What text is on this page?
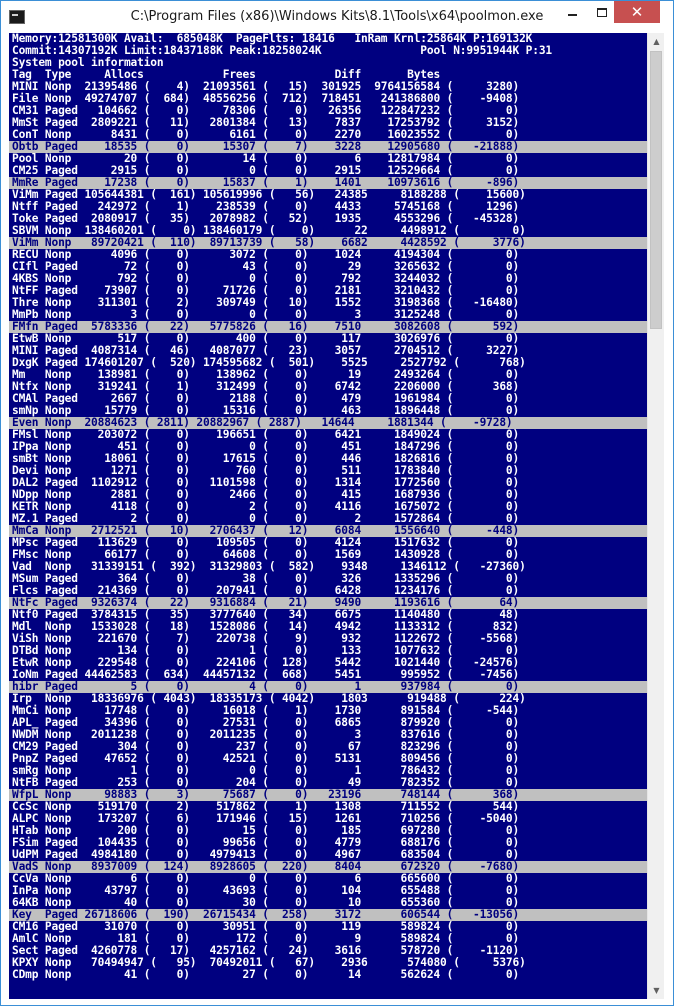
C:\Program Files (x86)\Windows Kits\8.1\Tools\x64\poolmon.exe	✕
Memory:12581300K Avail:  685048K  PageFlts: 18416   InRam Krnl:25864K P:169132K
Commit:14307192K Limit:18437188K Peak:18258024K               Pool N:9951944K P:31
System pool information
Tag  Type     Allocs            Frees            Diff       Bytes
MINI Nonp  21395486 (    4)  21093561 (   15)  301925  9764156584 (     3280)
File Nonp  49274707 (  684)  48556256 (  712)  718451   241386800 (    -9408)
CM31 Paged   104662 (    0)     78306 (    0)   26356   122847232 (        0)
MmSt Paged  2809221 (   11)   2801384 (   13)    7837    17253792 (     3152)
ConT Nonp      8431 (    0)      6161 (    0)    2270    16023552 (        0)
Obtb Paged    18535 (    0)     15307 (    7)    3228    12905680 (   -21888)
Pool Nonp        20 (    0)        14 (    0)       6    12817984 (        0)
CM25 Paged     2915 (    0)         0 (    0)    2915    12529664 (        0)
MmRe Paged    17238 (    0)     15837 (    1)    1401    10973616 (     -896)
ViMm Paged 105644381 (  161) 105619996 (   56)   24385     8188288 (    15600)
Ntff Paged   242972 (    1)    238539 (    0)    4433     5745168 (     1296)
Toke Paged  2080917 (   35)   2078982 (   52)    1935     4553296 (   -45328)
SBVM Nonp  138460201 (    0) 138460179 (    0)      22     4498912 (        0)
ViMm Nonp   89720421 (  110)  89713739 (   58)    6682     4428592 (     3776)
RECU Nonp      4096 (    0)      3072 (    0)    1024     4194304 (        0)
CIfl Paged       72 (    0)        43 (    0)      29     3265632 (        0)
4KBS Nonp       792 (    0)         0 (    0)     792     3244032 (        0)
NtFF Paged    73907 (    0)     71726 (    0)    2181     3210432 (        0)
Thre Nonp    311301 (    2)    309749 (   10)    1552     3198368 (   -16480)
MmPb Nonp         3 (    0)         0 (    0)       3     3125248 (        0)
FMfn Paged  5783336 (   22)   5775826 (   16)    7510     3082608 (      592)
EtwB Nonp       517 (    0)       400 (    0)     117     3026976 (        0)
MINI Paged  4087314 (   46)   4087077 (   23)    3057     2704512 (     3227)
DxgK Paged 174601207 (  520) 174595682 (  501)    5525     2527792 (      768)
Mm   Nonp    138981 (    0)    138962 (    0)      19     2493264 (        0)
Ntfx Nonp    319241 (    1)    312499 (    0)    6742     2206000 (      368)
CMAl Paged     2667 (    0)      2188 (    0)     479     1961984 (        0)
smNp Nonp     15779 (    0)     15316 (    0)     463     1896448 (        0)
Even Nonp  20884623 ( 2811) 20882967 ( 2887)   14644     1881344 (    -9728)
FMsl Nonp    203072 (    0)    196651 (    0)    6421     1849024 (        0)
IPpa Nonp       451 (    0)         0 (    0)     451     1847296 (        0)
smBt Nonp     18061 (    0)     17615 (    0)     446     1826816 (        0)
Devi Nonp      1271 (    0)       760 (    0)     511     1783840 (        0)
DAL2 Paged  1102912 (    0)   1101598 (    0)    1314     1772560 (        0)
NDpp Nonp      2881 (    0)      2466 (    0)     415     1687936 (        0)
KETR Nonp      4118 (    0)         2 (    0)    4116     1675072 (        0)
MZ.1 Paged        2 (    0)         0 (    0)       2     1572864 (        0)
MmCa Nonp   2712521 (   10)   2706437 (   12)    6084     1556640 (     -448)
MPsc Paged   113629 (    0)    109505 (    0)    4124     1517632 (        0)
FMsc Nonp     66177 (    0)     64608 (    0)    1569     1430928 (        0)
Vad  Nonp   31339151 (  392)  31329803 (  582)    9348     1346112 (   -27360)
MSum Paged      364 (    0)        38 (    0)     326     1335296 (        0)
Flcs Paged   214369 (    0)    207941 (    0)    6428     1234176 (        0)
NtFc Paged  9326374 (   22)   9316884 (   21)    9490     1193616 (       64)
Ntf0 Paged  3784315 (   35)   3777640 (   34)    6675     1140480 (       48)
Mdl  Nonp   1533028 (   18)   1528086 (   14)    4942     1133312 (      832)
ViSh Nonp    221670 (    7)    220738 (    9)     932     1122672 (    -5568)
DTBd Nonp       134 (    0)         1 (    0)     133     1077632 (        0)
EtwR Nonp    229548 (    0)    224106 (  128)    5442     1021440 (   -24576)
IoNm Paged 44462583 (  634)  44457132 (  668)    5451      995952 (    -7456)
hibr Paged        5 (    0)         4 (    0)       1      937984 (        0)
Irp  Nonp   18336976 ( 4043)  18335173 ( 4042)    1803      919488 (      224)
MmCi Nonp     17748 (    0)     16018 (    1)    1730      891584 (     -544)
APL_ Paged    34396 (    0)     27531 (    0)    6865      879920 (        0)
NWDM Nonp   2011238 (    0)   2011235 (    0)       3      837616 (        0)
CM29 Paged      304 (    0)       237 (    0)      67      823296 (        0)
PnpZ Paged    47652 (    0)     42521 (    0)    5131      809456 (        0)
smRg Nonp         1 (    0)         0 (    0)       1      786432 (        0)
NtFB Paged      253 (    0)       204 (    0)      49      782352 (        0)
WfpL Nonp     98883 (    3)     75687 (    0)   23196      748144 (      368)
CcSc Nonp    519170 (    2)    517862 (    1)    1308      711552 (      544)
ALPC Nonp    173207 (    6)    171946 (   15)    1261      710256 (    -5040)
HTab Nonp       200 (    0)        15 (    0)     185      697280 (        0)
FSim Paged   104435 (    0)     99656 (    0)    4779      688176 (        0)
UdPM Paged  4984180 (    0)   4979413 (    0)    4967      683504 (        0)
VadS Nonp   8937009 (  124)   8928605 (  220)    8404      672320 (    -7680)
CcVa Nonp         6 (    0)         0 (    0)       6      665600 (        0)
InPa Nonp     43797 (    0)     43693 (    0)     104      655488 (        0)
64KB Nonp        40 (    0)        30 (    0)      10      655360 (        0)
Key  Paged 26718606 (  190)  26715434 (  258)    3172      606544 (   -13056)
CM16 Paged    31070 (    0)     30951 (    0)     119      589824 (        0)
AmlC Nonp       181 (    0)       172 (    0)       9      589824 (        0)
Sect Paged  4260778 (   17)   4257162 (   24)    3616      578720 (    -1120)
KPXY Nonp   70494947 (   95)  70492011 (   67)    2936      574080 (     5376)
CDmp Nonp        41 (    0)        27 (    0)      14      562624 (        0)
▲
▼
